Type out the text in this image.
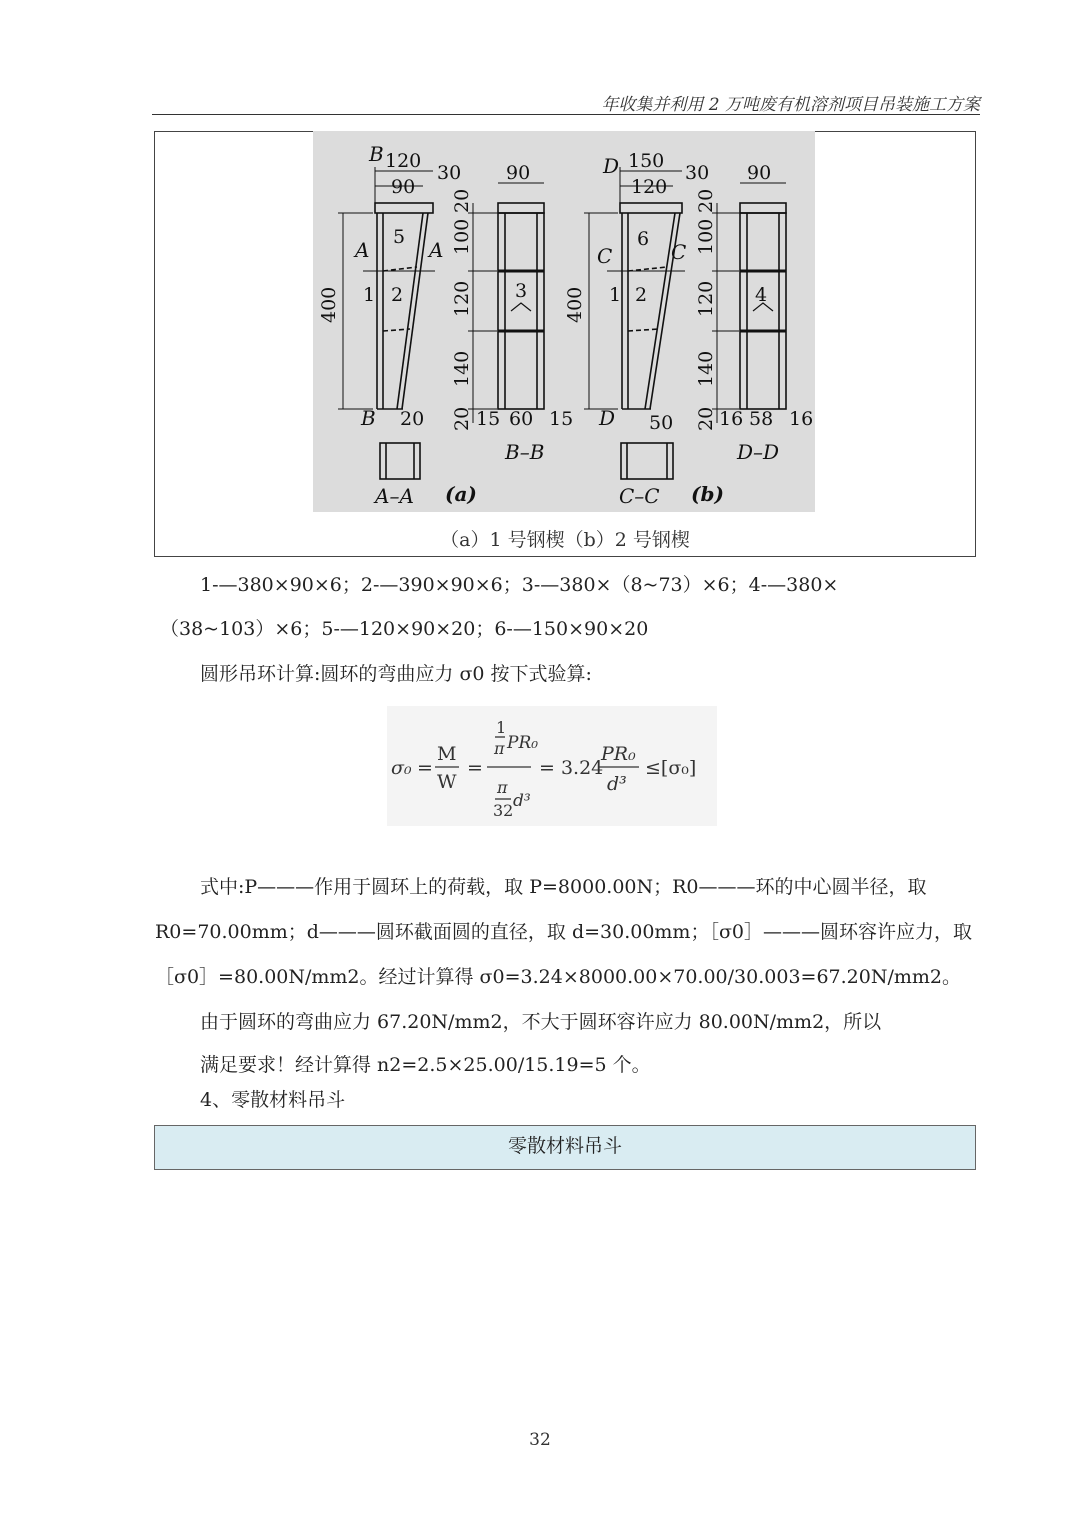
年收集并利用 2 万吨废有机溶剂项目吊装施工方案
B
B
D
D
A	A	C	C
120
90
30 90
150
120
30 90
400	400
20
100
120
140
20
20
100
120
140
20
1 2
5
3	1 2
6
4
20	15 60 15	50 16 58 16
A–A
B–B
C–C
D–D
(a)	(b)
（a）1 号钢楔（b）2 号钢楔
1-—380×90×6；2-—390×90×6；3-—380×（8~73）×6；4-—380×
（38~103）×6；5-—120×90×20；6-—150×90×20
圆形吊环计算:圆环的弯曲应力 σ0 按下式验算:
σ₀ =
M
W
=
1
π PR₀
π
32 d³
= 3.24
PR₀
d³
≤[σ₀]
式中:P———作用于圆环上的荷载，取 P=8000.00N；R0———环的中心圆半径，取
R0=70.00mm；d———圆环截面圆的直径，取 d=30.00mm；［σ0］———圆环容许应力，取
［σ0］=80.00N/mm2。经过计算得 σ0=3.24×8000.00×70.00/30.003=67.20N/mm2。
由于圆环的弯曲应力 67.20N/mm2，不大于圆环容许应力 80.00N/mm2，所以
满足要求！经计算得 n2=2.5×25.00/15.19=5 个。
4、零散材料吊斗
零散材料吊斗
32
